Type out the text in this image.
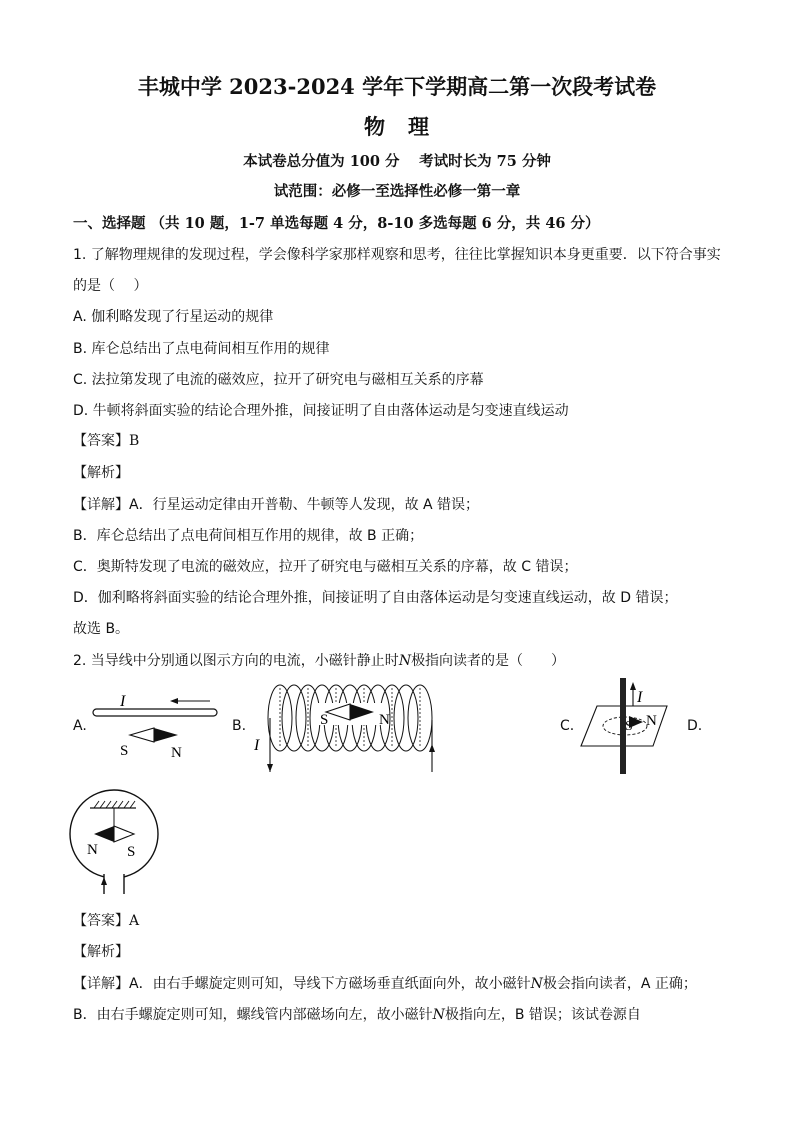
丰城中学 2023-2024 学年下学期高二第一次段考试卷
物　理
本试卷总分值为 100 分　 考试时长为 75 分钟
试范围：必修一至选择性必修一第一章
一、选择题 （共 10 题，1-7 单选每题 4 分，8-10 多选每题 6 分，共 46 分）
1. 了解物理规律的发现过程，学会像科学家那样观察和思考，往往比掌握知识本身更重要．以下符合事实
的是（　 ）
A. 伽利略发现了行星运动的规律
B. 库仑总结出了点电荷间相互作用的规律
C. 法拉第发现了电流的磁效应，拉开了研究电与磁相互关系的序幕
D. 牛顿将斜面实验的结论合理外推，间接证明了自由落体运动是匀变速直线运动
【答案】B
【解析】
【详解】A．行星运动定律由开普勒、牛顿等人发现，故 A 错误；
B．库仑总结出了点电荷间相互作用的规律，故 B 正确；
C．奥斯特发现了电流的磁效应，拉开了研究电与磁相互关系的序幕，故 C 错误；
D．伽利略将斜面实验的结论合理外推，间接证明了自由落体运动是匀变速直线运动，故 D 错误；
故选 B。
2. 当导线中分别通以图示方向的电流，小磁针静止时N极指向读者的是（　　）
A.	B.	C.	D.
I
S	N	I
S	N
I
S N
N S
【答案】A
【解析】
【详解】A．由右手螺旋定则可知，导线下方磁场垂直纸面向外，故小磁针N极会指向读者，A 正确；
B．由右手螺旋定则可知，螺线管内部磁场向左，故小磁针N极指向左，B 错误；该试卷源自
